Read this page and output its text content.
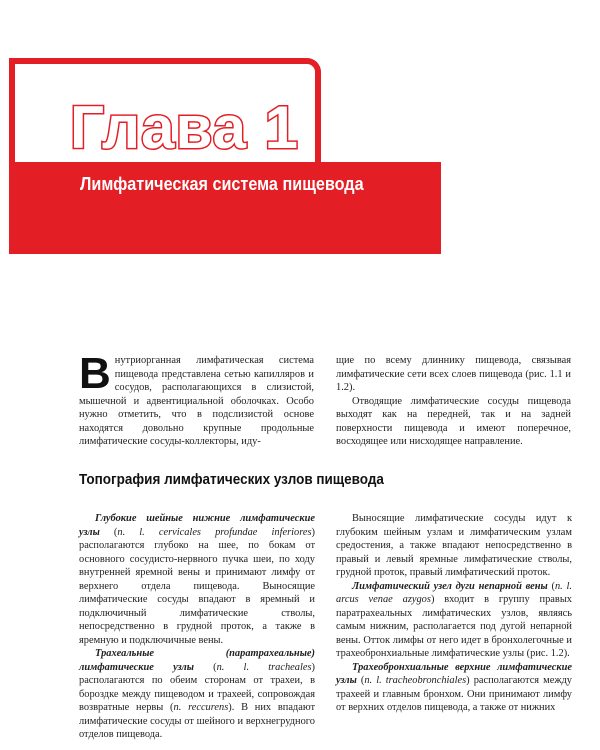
Глава 1
Лимфатическая система пищевода

В нутриорганная лимфатическая система пищевода представлена сетью капилляров и сосудов, располагающихся в слизистой, мышечной и адвентициальной оболочках. Особо нужно отметить, что в подслизистой основе находятся довольно крупные продольные лимфатические сосуды-коллекторы, иду-

щие по всему длиннику пищевода, связывая лимфатические сети всех слоев пищевода (рис. 1.1 и 1.2).

Отводящие лимфатические сосуды пищевода выходят как на передней, так и на задней поверхности пищевода и имеют поперечное, восходящее или нисходящее направление.

Топография лимфатических узлов пищевода

Глубокие шейные нижние лимфатические узлы (n. l. cervicales profundae inferiores) располагаются глубоко на шее, по бокам от основного сосудисто-нервного пучка шеи, по ходу внутренней яремной вены и принимают лимфу от верхнего отдела пищевода. Выносящие лимфатические сосуды впадают в яремный и подключичный лимфатические стволы, непосредственно в грудной проток, а также в яремную и подключичные вены.

Трахеальные (паратрахеальные) лимфатические узлы (n. l. tracheales) располагаются по обеим сторонам от трахеи, в бороздке между пищеводом и трахеей, сопровождая возвратные нервы (n. reccurens). В них впадают лимфатические сосуды от шейного и верхнегрудного отделов пищевода.

Выносящие лимфатические сосуды идут к глубоким шейным узлам и лимфатическим узлам средостения, а также впадают непосредственно в правый и левый яремные лимфатические стволы, грудной проток, правый лимфатический проток.

Лимфатический узел дуги непарной вены (n. l. arcus venae azygos) входит в группу правых паратрахеальных лимфатических узлов, являясь самым нижним, располагается под дугой непарной вены. Отток лимфы от него идет в бронхолегочные и трахеобронхиальные лимфатические узлы (рис. 1.2).

Трахеобронхиальные верхние лимфатические узлы (n. l. tracheobronchiales) располагаются между трахеей и главным бронхом. Они принимают лимфу от верхних отделов пищевода, а также от нижних
